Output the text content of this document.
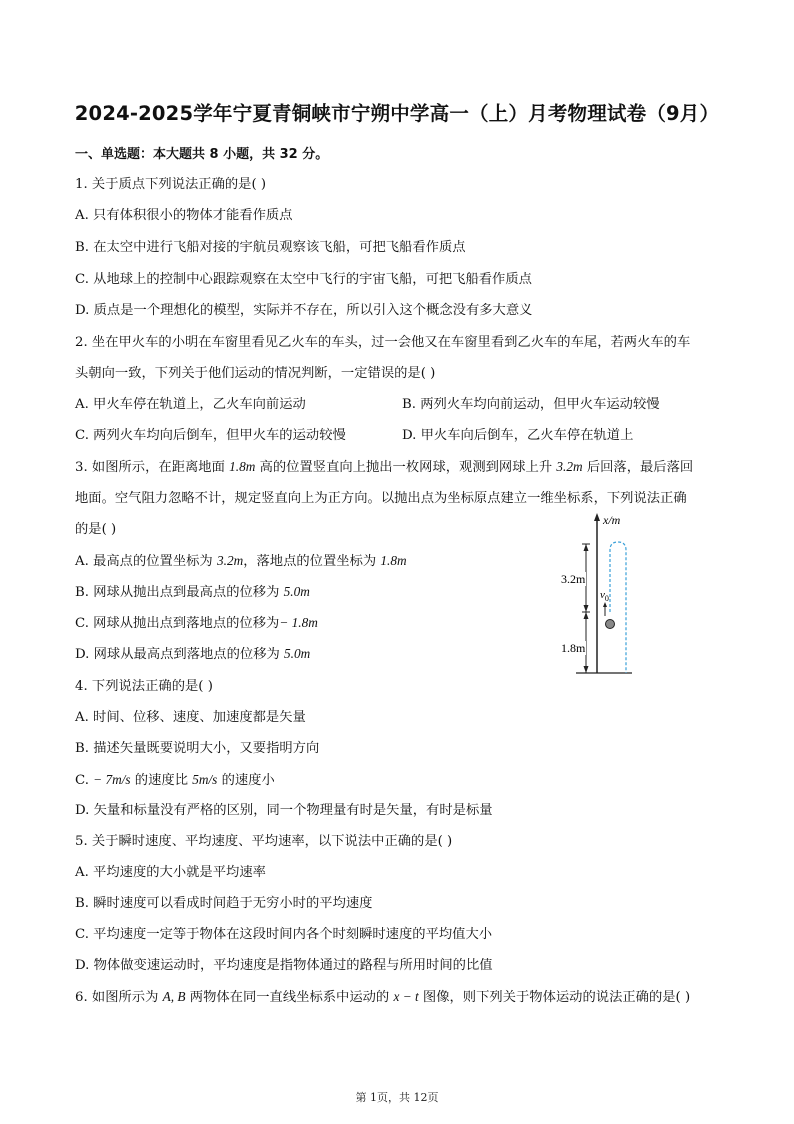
2024-2025学年宁夏青铜峡市宁朔中学高一（上）月考物理试卷（9月）
一、单选题：本大题共 8 小题，共 32 分。
1. 关于质点下列说法正确的是( )
A. 只有体积很小的物体才能看作质点
B. 在太空中进行飞船对接的宇航员观察该飞船，可把飞船看作质点
C. 从地球上的控制中心跟踪观察在太空中飞行的宇宙飞船，可把飞船看作质点
D. 质点是一个理想化的模型，实际并不存在，所以引入这个概念没有多大意义
2. 坐在甲火车的小明在车窗里看见乙火车的车头，过一会他又在车窗里看到乙火车的车尾，若两火车的车
头朝向一致，下列关于他们运动的情况判断，一定错误的是( )
A. 甲火车停在轨道上，乙火车向前运动	B. 两列火车均向前运动，但甲火车运动较慢
C. 两列火车均向后倒车，但甲火车的运动较慢	D. 甲火车向后倒车，乙火车停在轨道上
3. 如图所示，在距离地面 1.8m 高的位置竖直向上抛出一枚网球，观测到网球上升 3.2m 后回落，最后落回
地面。空气阻力忽略不计，规定竖直向上为正方向。以抛出点为坐标原点建立一维坐标系，下列说法正确
的是( )
A. 最高点的位置坐标为 3.2m，落地点的位置坐标为 1.8m
B. 网球从抛出点到最高点的位移为 5.0m
C. 网球从抛出点到落地点的位移为− 1.8m
D. 网球从最高点到落地点的位移为 5.0m
x/m
3.2m
1.8m
$v_0$
4. 下列说法正确的是( )
A. 时间、位移、速度、加速度都是矢量
B. 描述矢量既要说明大小，又要指明方向
C. − 7m/s 的速度比 5m/s 的速度小
D. 矢量和标量没有严格的区别，同一个物理量有时是矢量，有时是标量
5. 关于瞬时速度、平均速度、平均速率，以下说法中正确的是( )
A. 平均速度的大小就是平均速率
B. 瞬时速度可以看成时间趋于无穷小时的平均速度
C. 平均速度一定等于物体在这段时间内各个时刻瞬时速度的平均值大小
D. 物体做变速运动时，平均速度是指物体通过的路程与所用时间的比值
6. 如图所示为 A, B 两物体在同一直线坐标系中运动的 x − t 图像，则下列关于物体运动的说法正确的是( )
第 1页，共 12页
